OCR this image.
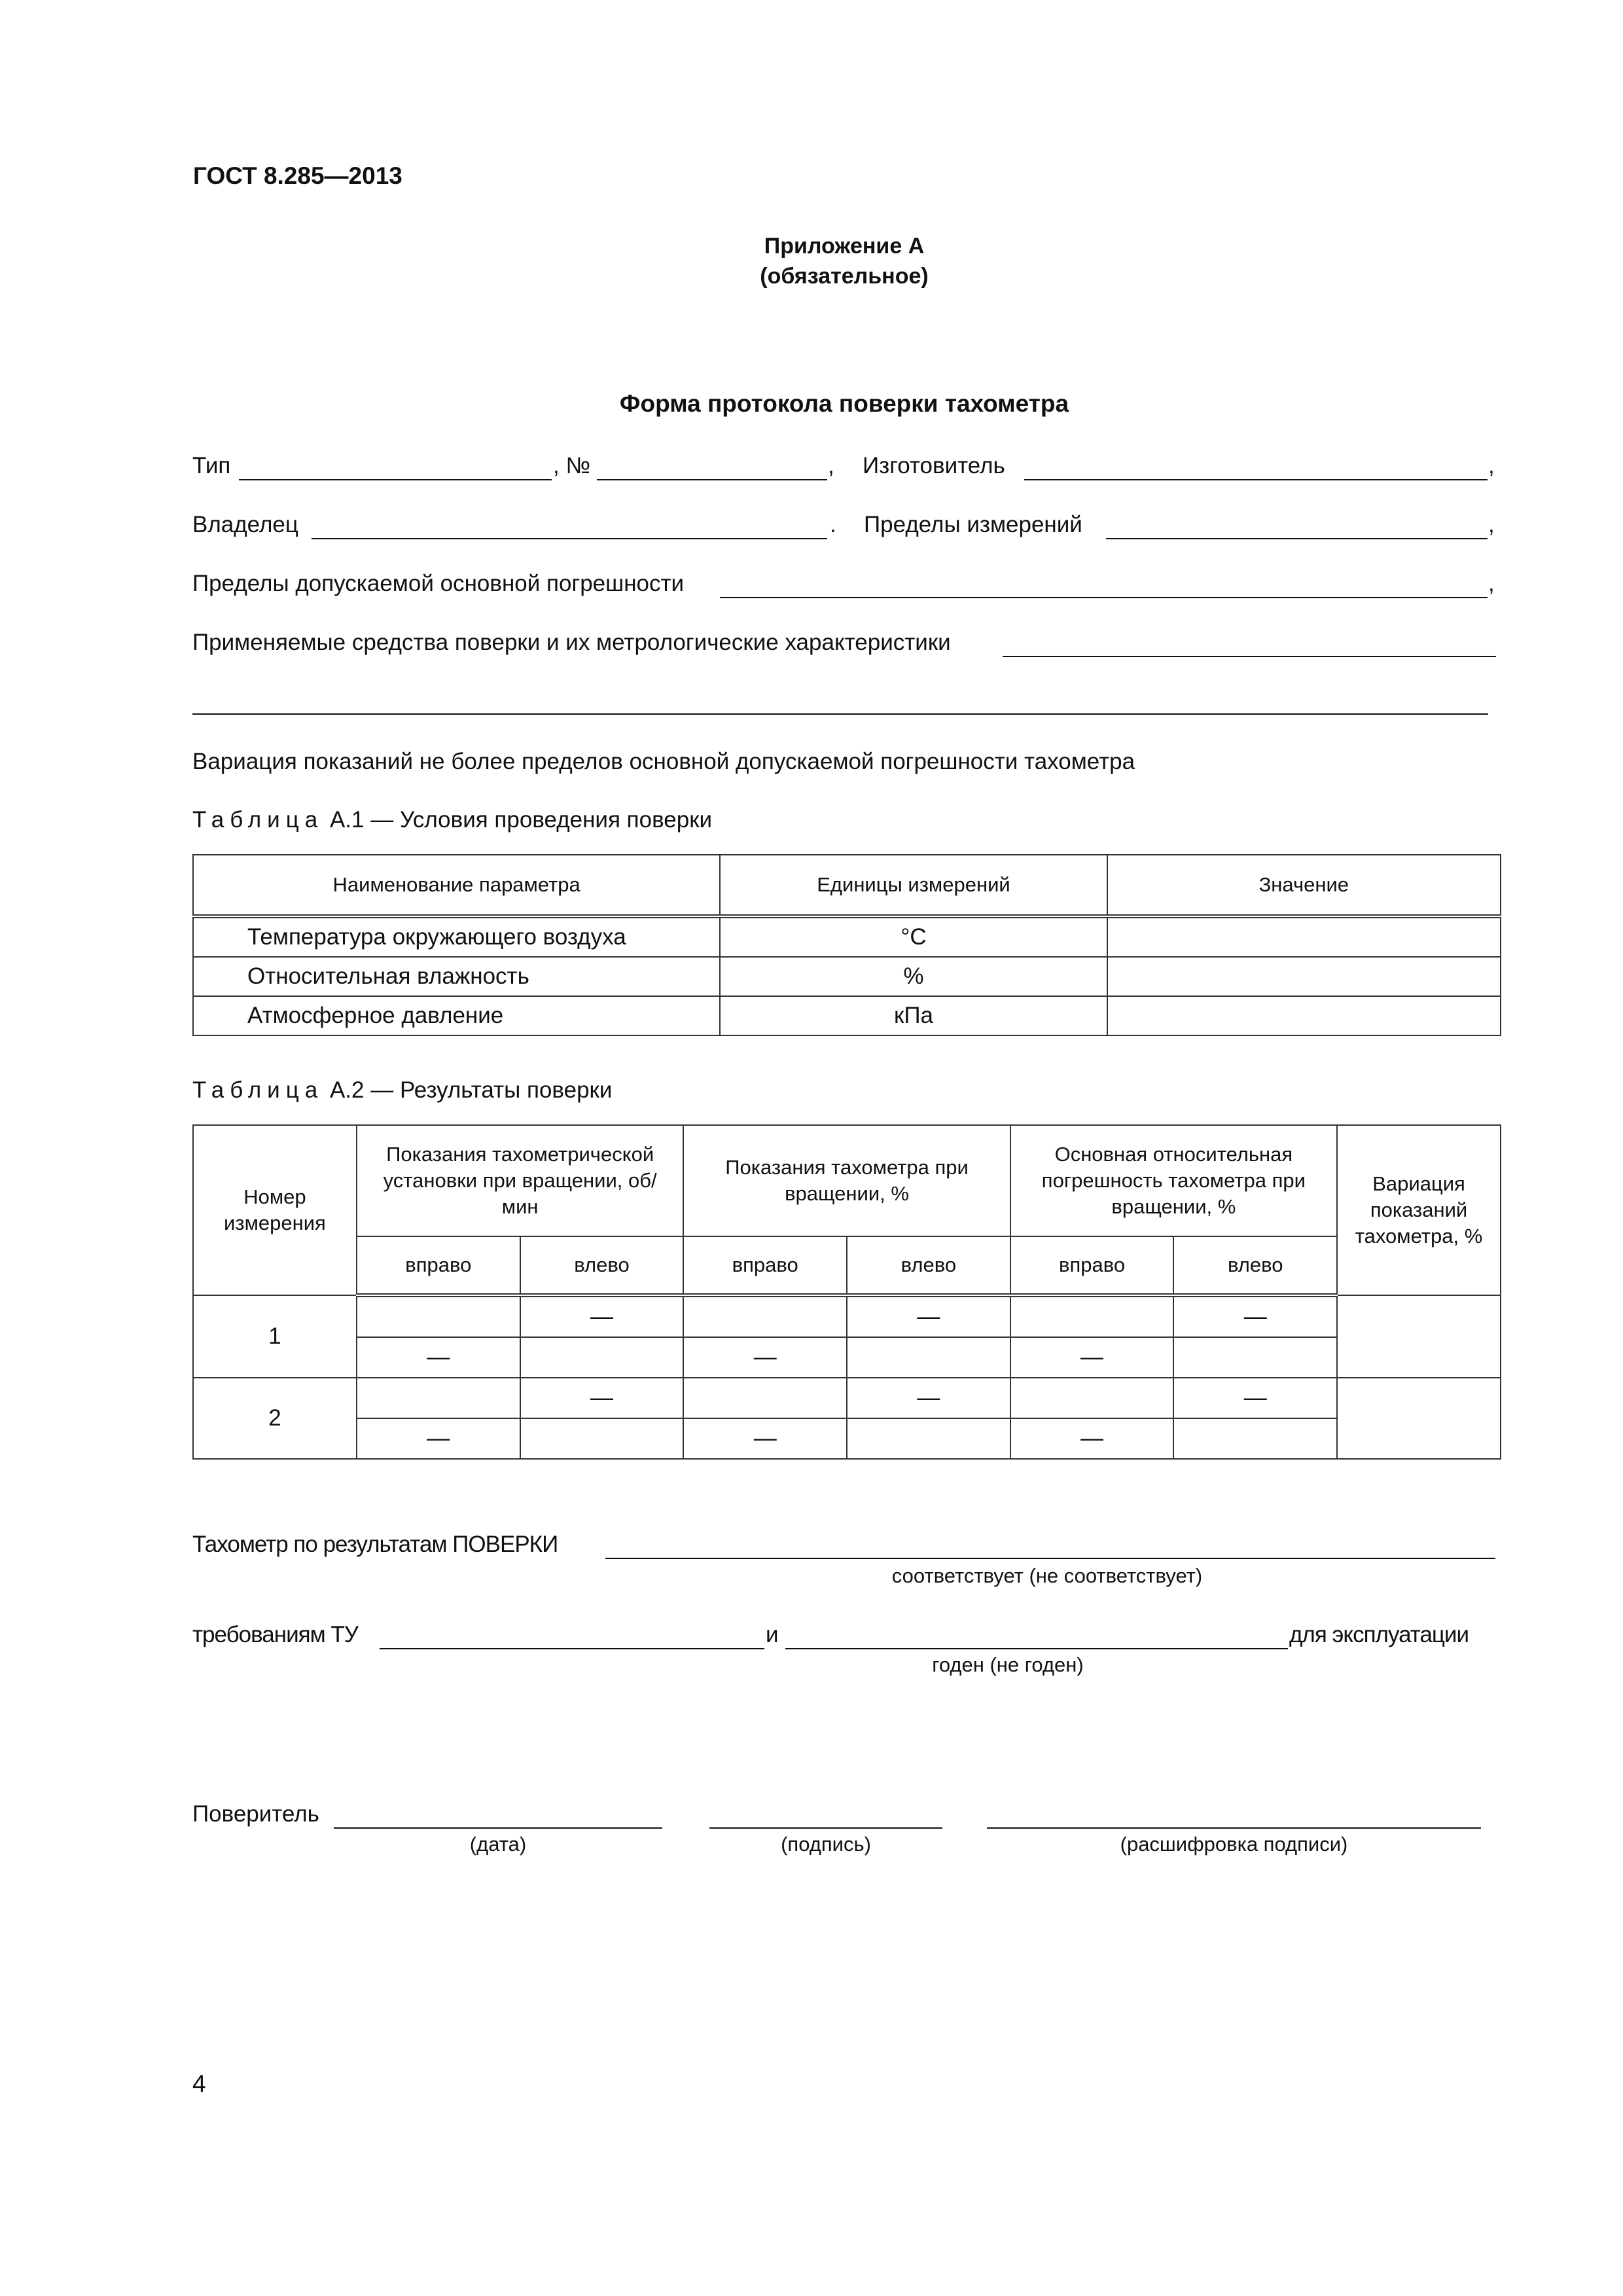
ГОСТ 8.285—2013
Приложение А
(обязательное)
Форма протокола поверки тахометра
Тип	, №	, Изготовитель	,
Владелец	. Пределы измерений	,
Пределы допускаемой основной погрешности	,
Применяемые средства поверки и их метрологические характеристики
Вариация показаний не более пределов основной допускаемой погрешности тахометра
Таблица А.1 — Условия проведения поверки
Наименование параметра	Единицы измерений	Значение
Температура окружающего воздуха	°С	
Относительная влажность	%	
Атмосферное давление	кПа	
Таблица А.2 — Результаты поверки
Номер измерения	Показания тахометрической установки при вращении, об/мин		Показания тахометра при вращении, %		Основная относительная погрешность тахометра при вращении, %		Вариация показаний тахометра, %
	вправо	влево	вправо	влево	вправо	влево	
1		—		—		—	
	—		—		—		
2		—		—		—	
	—		—		—		
Тахометр по результатам ПОВЕРКИ
соответствует (не соответствует)
требованиям ТУ	и	для эксплуатации
годен (не годен)
Поверитель
(дата)	(подпись)	(расшифровка подписи)
4
